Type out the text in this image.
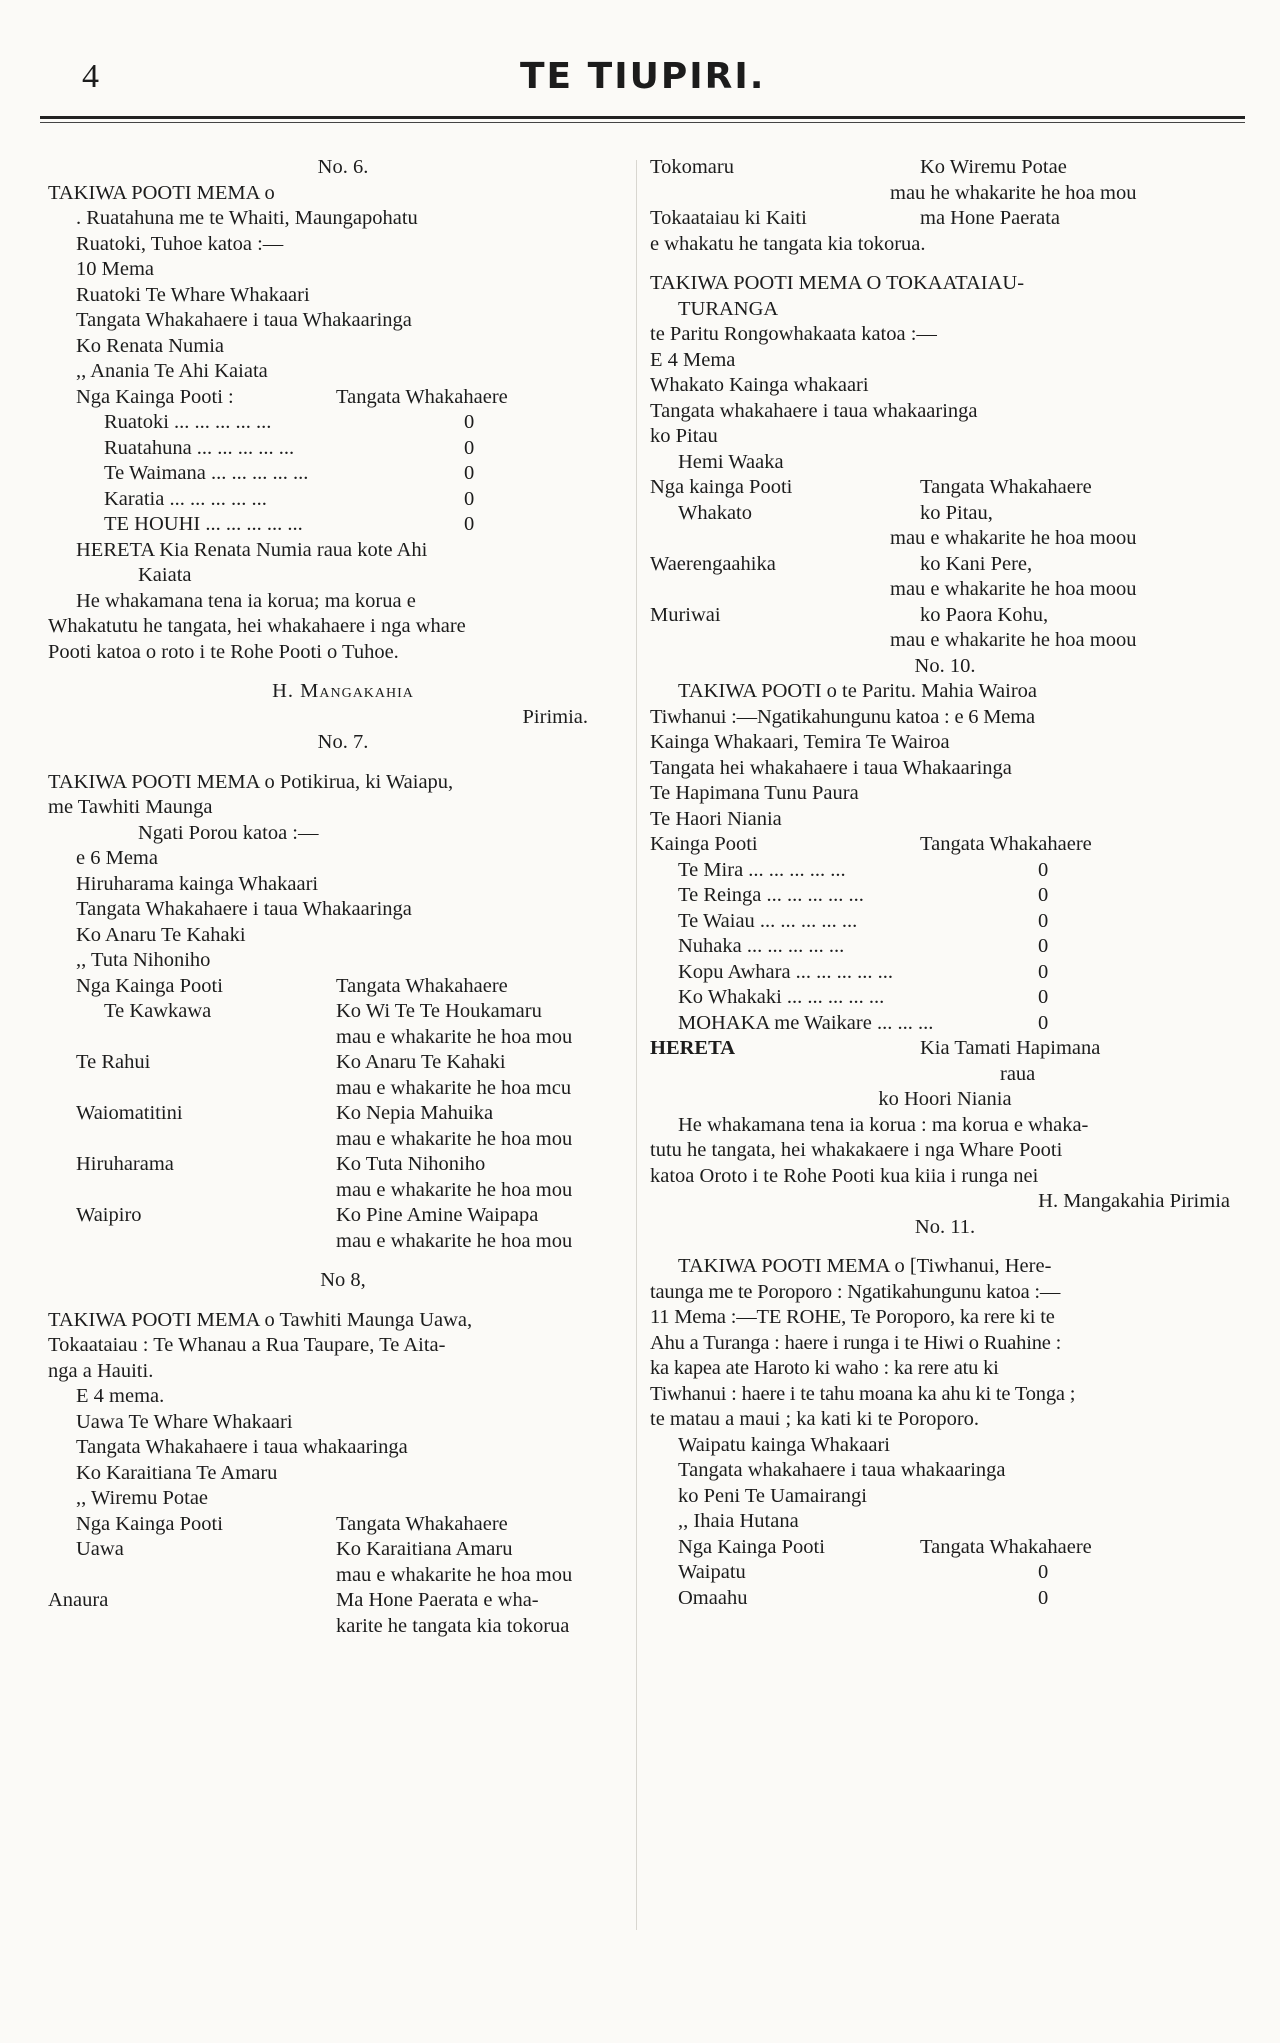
4	TE TIUPIRI.
No. 6.
TAKIWA POOTI MEMA o
. Ruatahuna me te Whaiti, Maungapohatu
Ruatoki, Tuhoe katoa :—
10 Mema
Ruatoki Te Whare Whakaari
Tangata Whakahaere i taua Whakaaringa
Ko Renata Numia
,, Anania Te Ahi Kaiata
Nga Kainga Pooti :	Tangata Whakahaere
Ruatoki ... ... ... ... ...	0
Ruatahuna ... ... ... ... ...	0
Te Waimana ... ... ... ... ...	0
Karatia ... ... ... ... ...	0
TE HOUHI ... ... ... ... ...	0
HERETA Kia Renata Numia raua kote Ahi
Kaiata
He whakamana tena ia korua; ma korua e
Whakatutu he tangata, hei whakahaere i nga whare
Pooti katoa o roto i te Rohe Pooti o Tuhoe.
H. Mangakahia
Pirimia.
No. 7.
TAKIWA POOTI MEMA o Potikirua, ki Waiapu,
me Tawhiti Maunga
Ngati Porou katoa :—
e 6 Mema
Hiruharama kainga Whakaari
Tangata Whakahaere i taua Whakaaringa
Ko Anaru Te Kahaki
,, Tuta Nihoniho
Nga Kainga Pooti	Tangata Whakahaere
Te Kawkawa	Ko Wi Te Te Houkamaru
mau e whakarite he hoa mou
Te Rahui	Ko Anaru Te Kahaki
mau e whakarite he hoa mcu
Waiomatitini	Ko Nepia Mahuika
mau e whakarite he hoa mou
Hiruharama	Ko Tuta Nihoniho
mau e whakarite he hoa mou
Waipiro	Ko Pine Amine Waipapa
mau e whakarite he hoa mou
No 8,
TAKIWA POOTI MEMA o Tawhiti Maunga Uawa,
Tokaataiau : Te Whanau a Rua Taupare, Te Aita-
nga a Hauiti.
E 4 mema.
Uawa Te Whare Whakaari
Tangata Whakahaere i taua whakaaringa
Ko Karaitiana Te Amaru
,, Wiremu Potae
Nga Kainga Pooti	Tangata Whakahaere
Uawa	Ko Karaitiana Amaru
mau e whakarite he hoa mou
Anaura	Ma Hone Paerata e wha-
karite he tangata kia tokorua
Tokomaru	Ko Wiremu Potae
mau he whakarite he hoa mou
Tokaataiau ki Kaiti	ma Hone Paerata
e whakatu he tangata kia tokorua.
TAKIWA POOTI MEMA O TOKAATAIAU-
TURANGA
te Paritu Rongowhakaata katoa :—
E 4 Mema
Whakato Kainga whakaari
Tangata whakahaere i taua whakaaringa
ko Pitau
Hemi Waaka
Nga kainga Pooti	Tangata Whakahaere
Whakato	ko Pitau,
mau e whakarite he hoa moou
Waerengaahika	ko Kani Pere,
mau e whakarite he hoa moou
Muriwai	ko Paora Kohu,
mau e whakarite he hoa moou
No. 10.
TAKIWA POOTI o te Paritu. Mahia Wairoa
Tiwhanui :—Ngatikahungunu katoa : e 6 Mema
Kainga Whakaari, Temira Te Wairoa
Tangata hei whakahaere i taua Whakaaringa
Te Hapimana Tunu Paura
Te Haori Niania
Kainga Pooti	Tangata Whakahaere
Te Mira ... ... ... ... ...	0
Te Reinga ... ... ... ... ...	0
Te Waiau ... ... ... ... ...	0
Nuhaka ... ... ... ... ...	0
Kopu Awhara ... ... ... ... ...	0
Ko Whakaki ... ... ... ... ...	0
MOHAKA me Waikare ... ... ...	0
HERETA	Kia Tamati Hapimana
raua
ko Hoori Niania
He whakamana tena ia korua : ma korua e whaka-
tutu he tangata, hei whakakaere i nga Whare Pooti
katoa Oroto i te Rohe Pooti kua kiia i runga nei
H. Mangakahia Pirimia
No. 11.
TAKIWA POOTI MEMA o [Tiwhanui, Here-
taunga me te Poroporo : Ngatikahungunu katoa :—
11 Mema :—TE ROHE, Te Poroporo, ka rere ki te
Ahu a Turanga : haere i runga i te Hiwi o Ruahine :
ka kapea ate Haroto ki waho : ka rere atu ki
Tiwhanui : haere i te tahu moana ka ahu ki te Tonga ;
te matau a maui ; ka kati ki te Poroporo.
Waipatu kainga Whakaari
Tangata whakahaere i taua whakaaringa
ko Peni Te Uamairangi
,, Ihaia Hutana
Nga Kainga Pooti	Tangata Whakahaere
Waipatu	0
Omaahu	0
